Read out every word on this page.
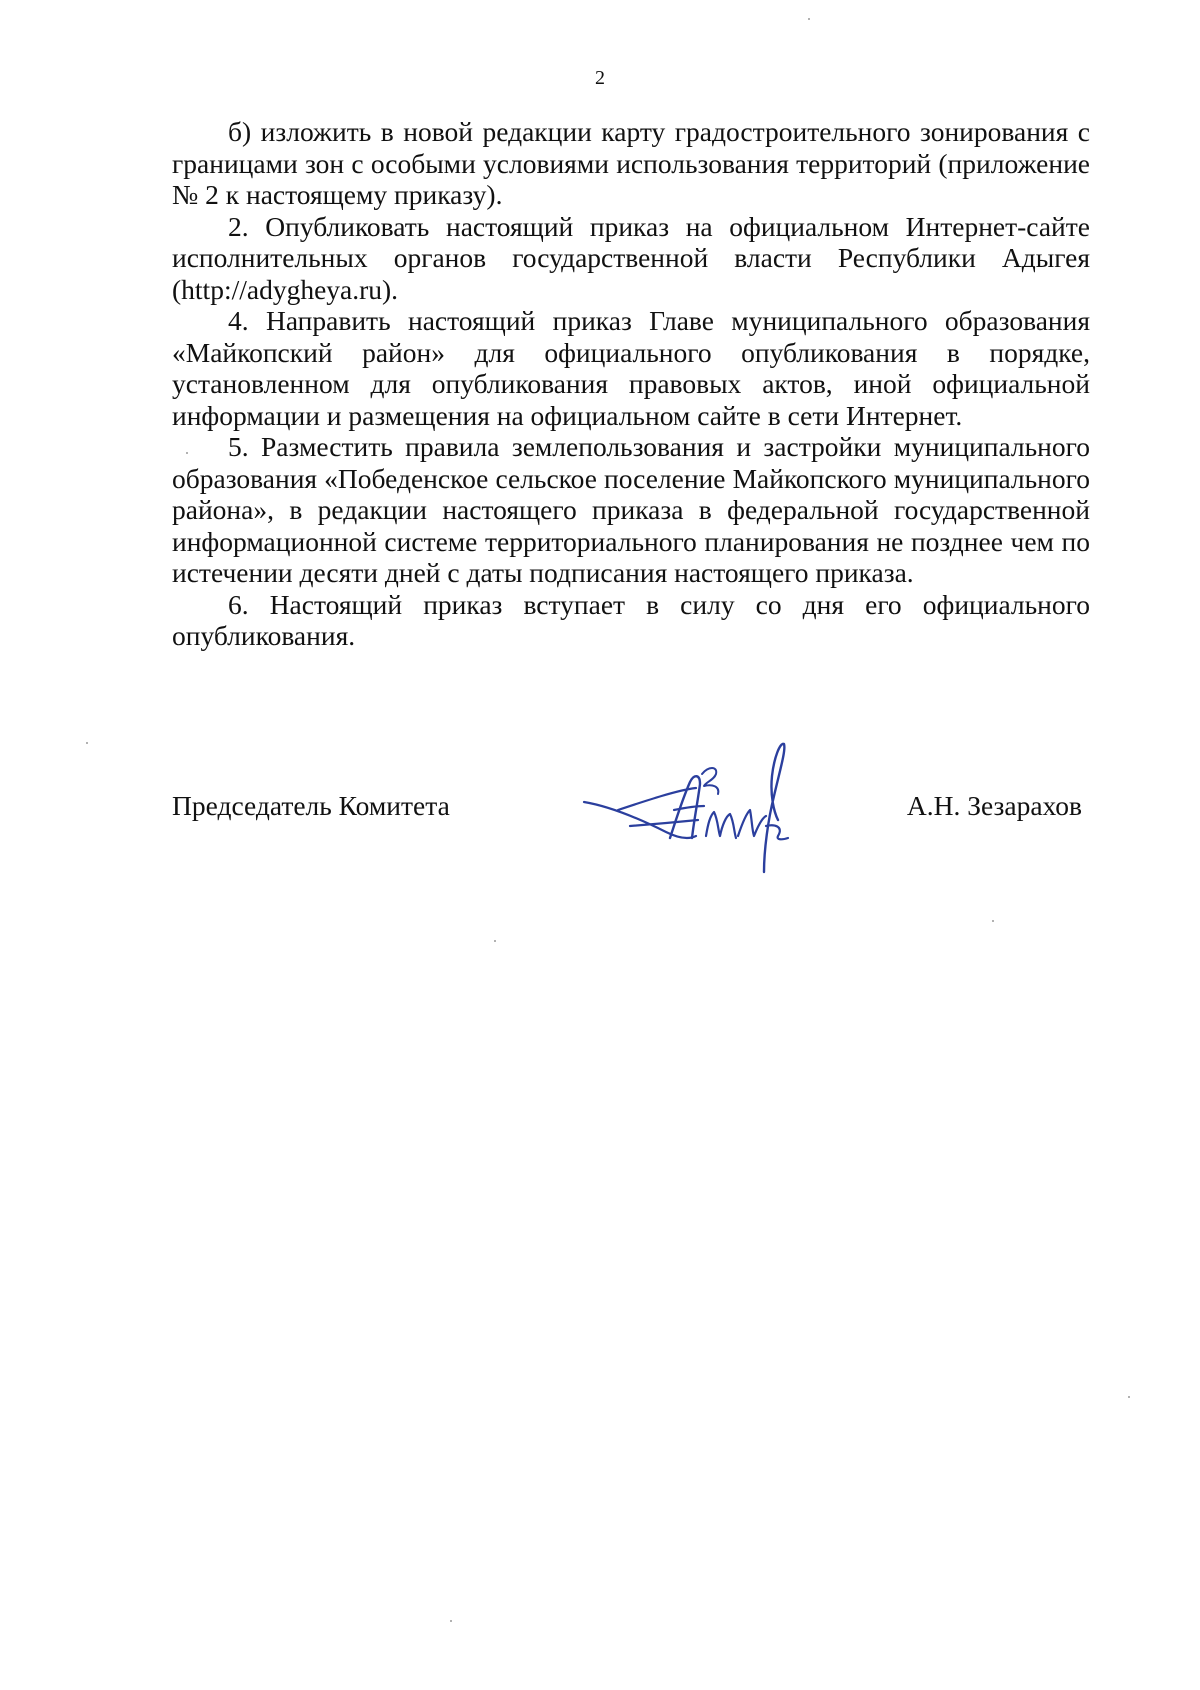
2

б) изложить в новой редакции карту градостроительного зонирования с границами зон с особыми условиями использования территорий (приложение № 2 к настоящему приказу).

2. Опубликовать настоящий приказ на официальном Интернет-сайте исполнительных органов государственной власти Республики Адыгея (http://adygheya.ru).

4. Направить настоящий приказ Главе муниципального образования «Майкопский район» для официального опубликования в порядке, установленном для опубликования правовых актов, иной официальной информации и размещения на официальном сайте в сети Интернет.

5. Разместить правила землепользования и застройки муниципального образования «Победенское сельское поселение Майкопского муниципального района», в редакции настоящего приказа в федеральной государственной информационной системе территориального планирования не позднее чем по истечении десяти дней с даты подписания настоящего приказа.

6. Настоящий приказ вступает в силу со дня его официального опубликования.

Председатель Комитета	А.Н. Зезарахов
